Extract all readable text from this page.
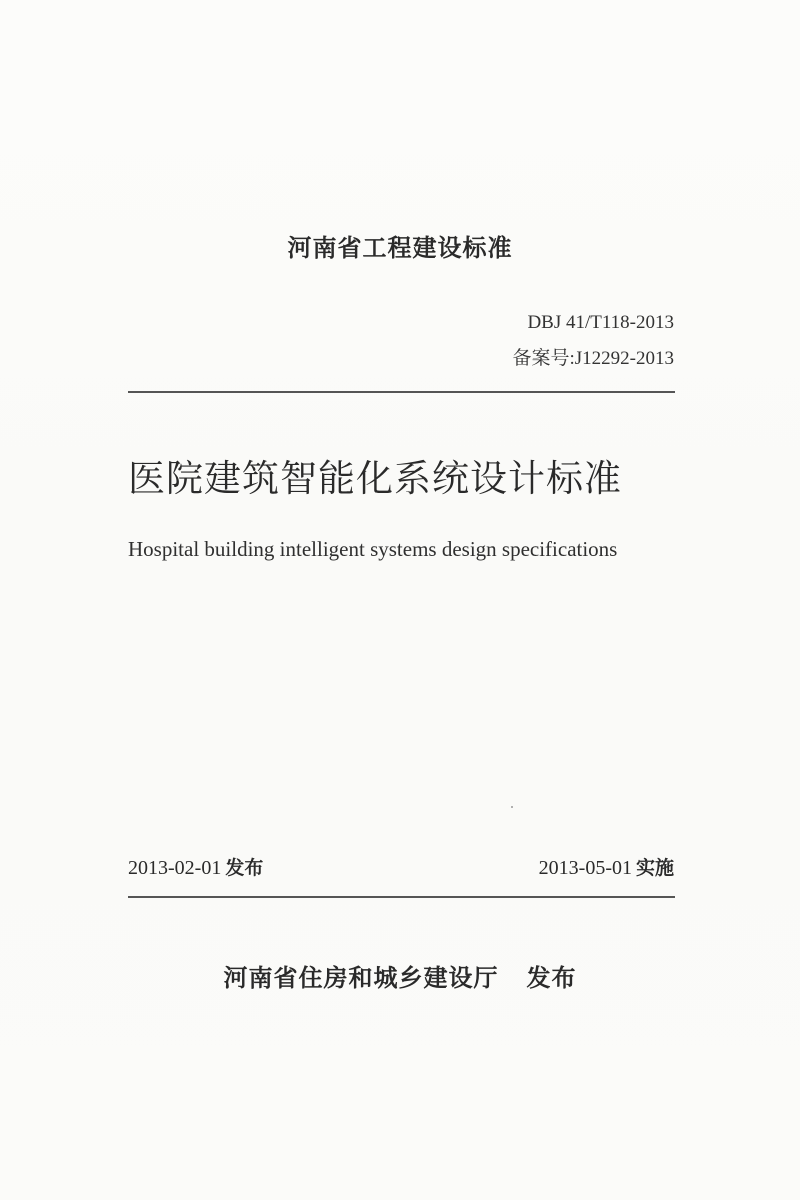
河南省工程建设标准
DBJ 41/T118-2013
备案号:J12292-2013
医院建筑智能化系统设计标准
Hospital building intelligent systems design specifications
2013-02-01 发布	2013-05-01 实施
河南省住房和城乡建设厅 发布
